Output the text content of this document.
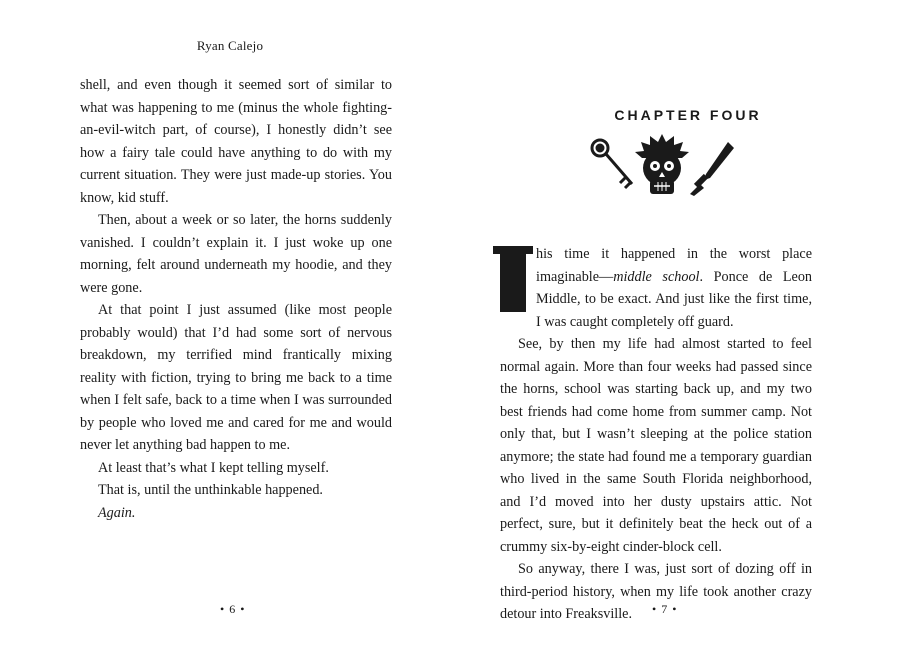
Ryan Calejo

shell, and even though it seemed sort of similar to what was happening to me (minus the whole fighting-an-evil-witch part, of course), I honestly didn’t see how a fairy tale could have anything to do with my current situation. They were just made-up stories. You know, kid stuff.

Then, about a week or so later, the horns suddenly vanished. I couldn’t explain it. I just woke up one morning, felt around underneath my hoodie, and they were gone.

At that point I just assumed (like most people probably would) that I’d had some sort of nervous breakdown, my terrified mind frantically mixing reality with fiction, trying to bring me back to a time when I felt safe, back to a time when I was surrounded by people who loved me and cared for me and would never let anything bad happen to me.

At least that’s what I kept telling myself.

That is, until the unthinkable happened.

Again.

• 6 •
CHAPTER FOUR

his time it happened in the worst place imaginable—middle school. Ponce de Leon Middle, to be exact. And just like the first time, I was caught completely off guard.

See, by then my life had almost started to feel normal again. More than four weeks had passed since the horns, school was starting back up, and my two best friends had come home from summer camp. Not only that, but I wasn’t sleeping at the police station anymore; the state had found me a temporary guardian who lived in the same South Florida neighborhood, and I’d moved into her dusty upstairs attic. Not perfect, sure, but it definitely beat the heck out of a crummy six-by-eight cinder-block cell.

So anyway, there I was, just sort of dozing off in third-period history, when my life took another crazy detour into Freaksville.	• 7 •
